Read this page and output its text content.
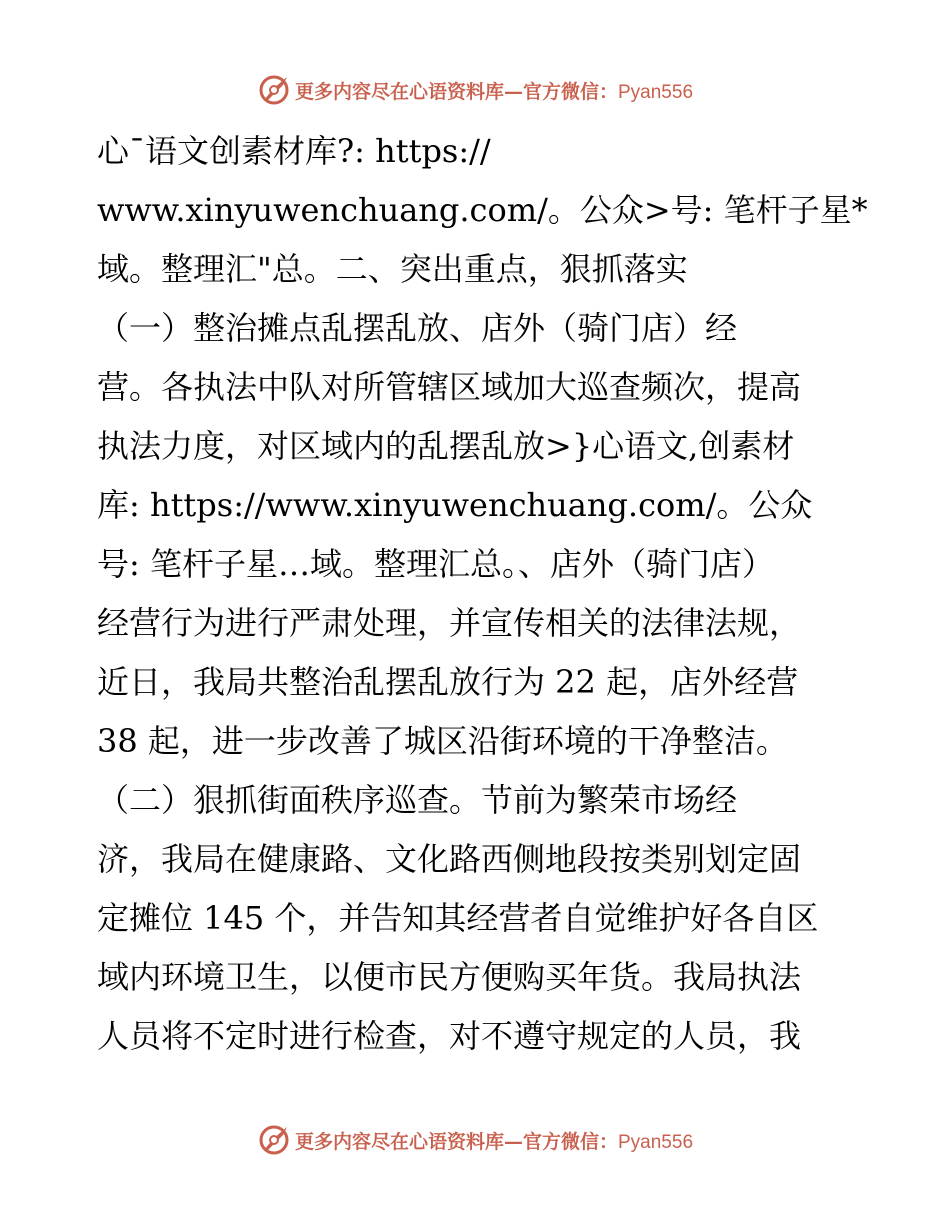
更多内容尽在心语资料库—官方微信：Pyan556
心¯语文创素材库?: https://
www.xinyuwenchuang.com/。公众>号: 笔杆子星*
域。整理汇"总。二、突出重点，狠抓落实
（一）整治摊点乱摆乱放、店外（骑门店）经
营。各执法中队对所管辖区域加大巡查频次，提高
执法力度，对区域内的乱摆乱放>}心语文,创素材
库: https://www.xinyuwenchuang.com/。公众
号: 笔杆子星…域。整理汇总。、店外（骑门店）
经营行为进行严肃处理，并宣传相关的法律法规，
近日，我局共整治乱摆乱放行为 22 起，店外经营
38 起，进一步改善了城区沿街环境的干净整洁。
（二）狠抓街面秩序巡查。节前为繁荣市场经
济，我局在健康路、文化路西侧地段按类别划定固
定摊位 145 个，并告知其经营者自觉维护好各自区
域内环境卫生，以便市民方便购买年货。我局执法
人员将不定时进行检查，对不遵守规定的人员，我
更多内容尽在心语资料库—官方微信：Pyan556
